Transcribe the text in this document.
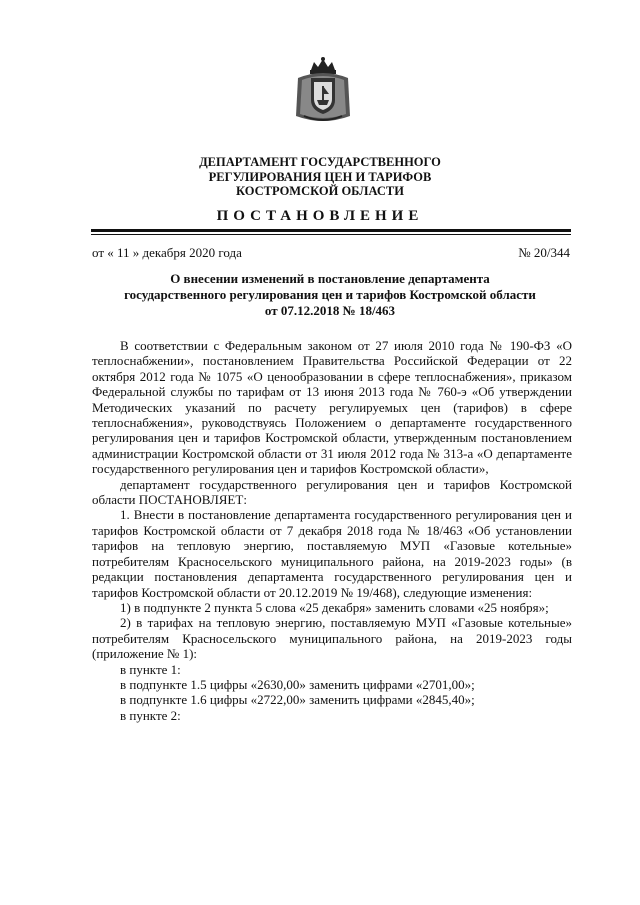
ДЕПАРТАМЕНТ ГОСУДАРСТВЕННОГО
РЕГУЛИРОВАНИЯ ЦЕН И ТАРИФОВ
КОСТРОМСКОЙ ОБЛАСТИ
ПОСТАНОВЛЕНИЕ
от « 11 » декабря 2020 года	№ 20/344
О внесении изменений в постановление департамента
государственного регулирования цен и тарифов Костромской области
от 07.12.2018 № 18/463

В соответствии с Федеральным законом от 27 июля 2010 года № 190-ФЗ «О теплоснабжении», постановлением Правительства Российской Федерации от 22 октября 2012 года № 1075 «О ценообразовании в сфере теплоснабжения», приказом Федеральной службы по тарифам от 13 июня 2013 года № 760-э «Об утверждении Методических указаний по расчету регулируемых цен (тарифов) в сфере теплоснабжения», руководствуясь Положением о департаменте государственного регулирования цен и тарифов Костромской области, утвержденным постановлением администрации Костромской области от 31 июля 2012 года № 313-а «О департаменте государственного регулирования цен и тарифов Костромской области»,

департамент государственного регулирования цен и тарифов Костромской области ПОСТАНОВЛЯЕТ:

1. Внести в постановление департамента государственного регулирования цен и тарифов Костромской области от 7 декабря 2018 года № 18/463 «Об установлении тарифов на тепловую энергию, поставляемую МУП «Газовые котельные» потребителям Красносельского муниципального района, на 2019-2023 годы» (в редакции постановления департамента государственного регулирования цен и тарифов Костромской области от 20.12.2019 № 19/468), следующие изменения:

1) в подпункте 2 пункта 5 слова «25 декабря» заменить словами «25 ноября»;

2) в тарифах на тепловую энергию, поставляемую МУП «Газовые котельные» потребителям Красносельского муниципального района, на 2019-2023 годы (приложение № 1):

в пункте 1:

в подпункте 1.5 цифры «2630,00» заменить цифрами «2701,00»;

в подпункте 1.6 цифры «2722,00» заменить цифрами «2845,40»;

в пункте 2:
